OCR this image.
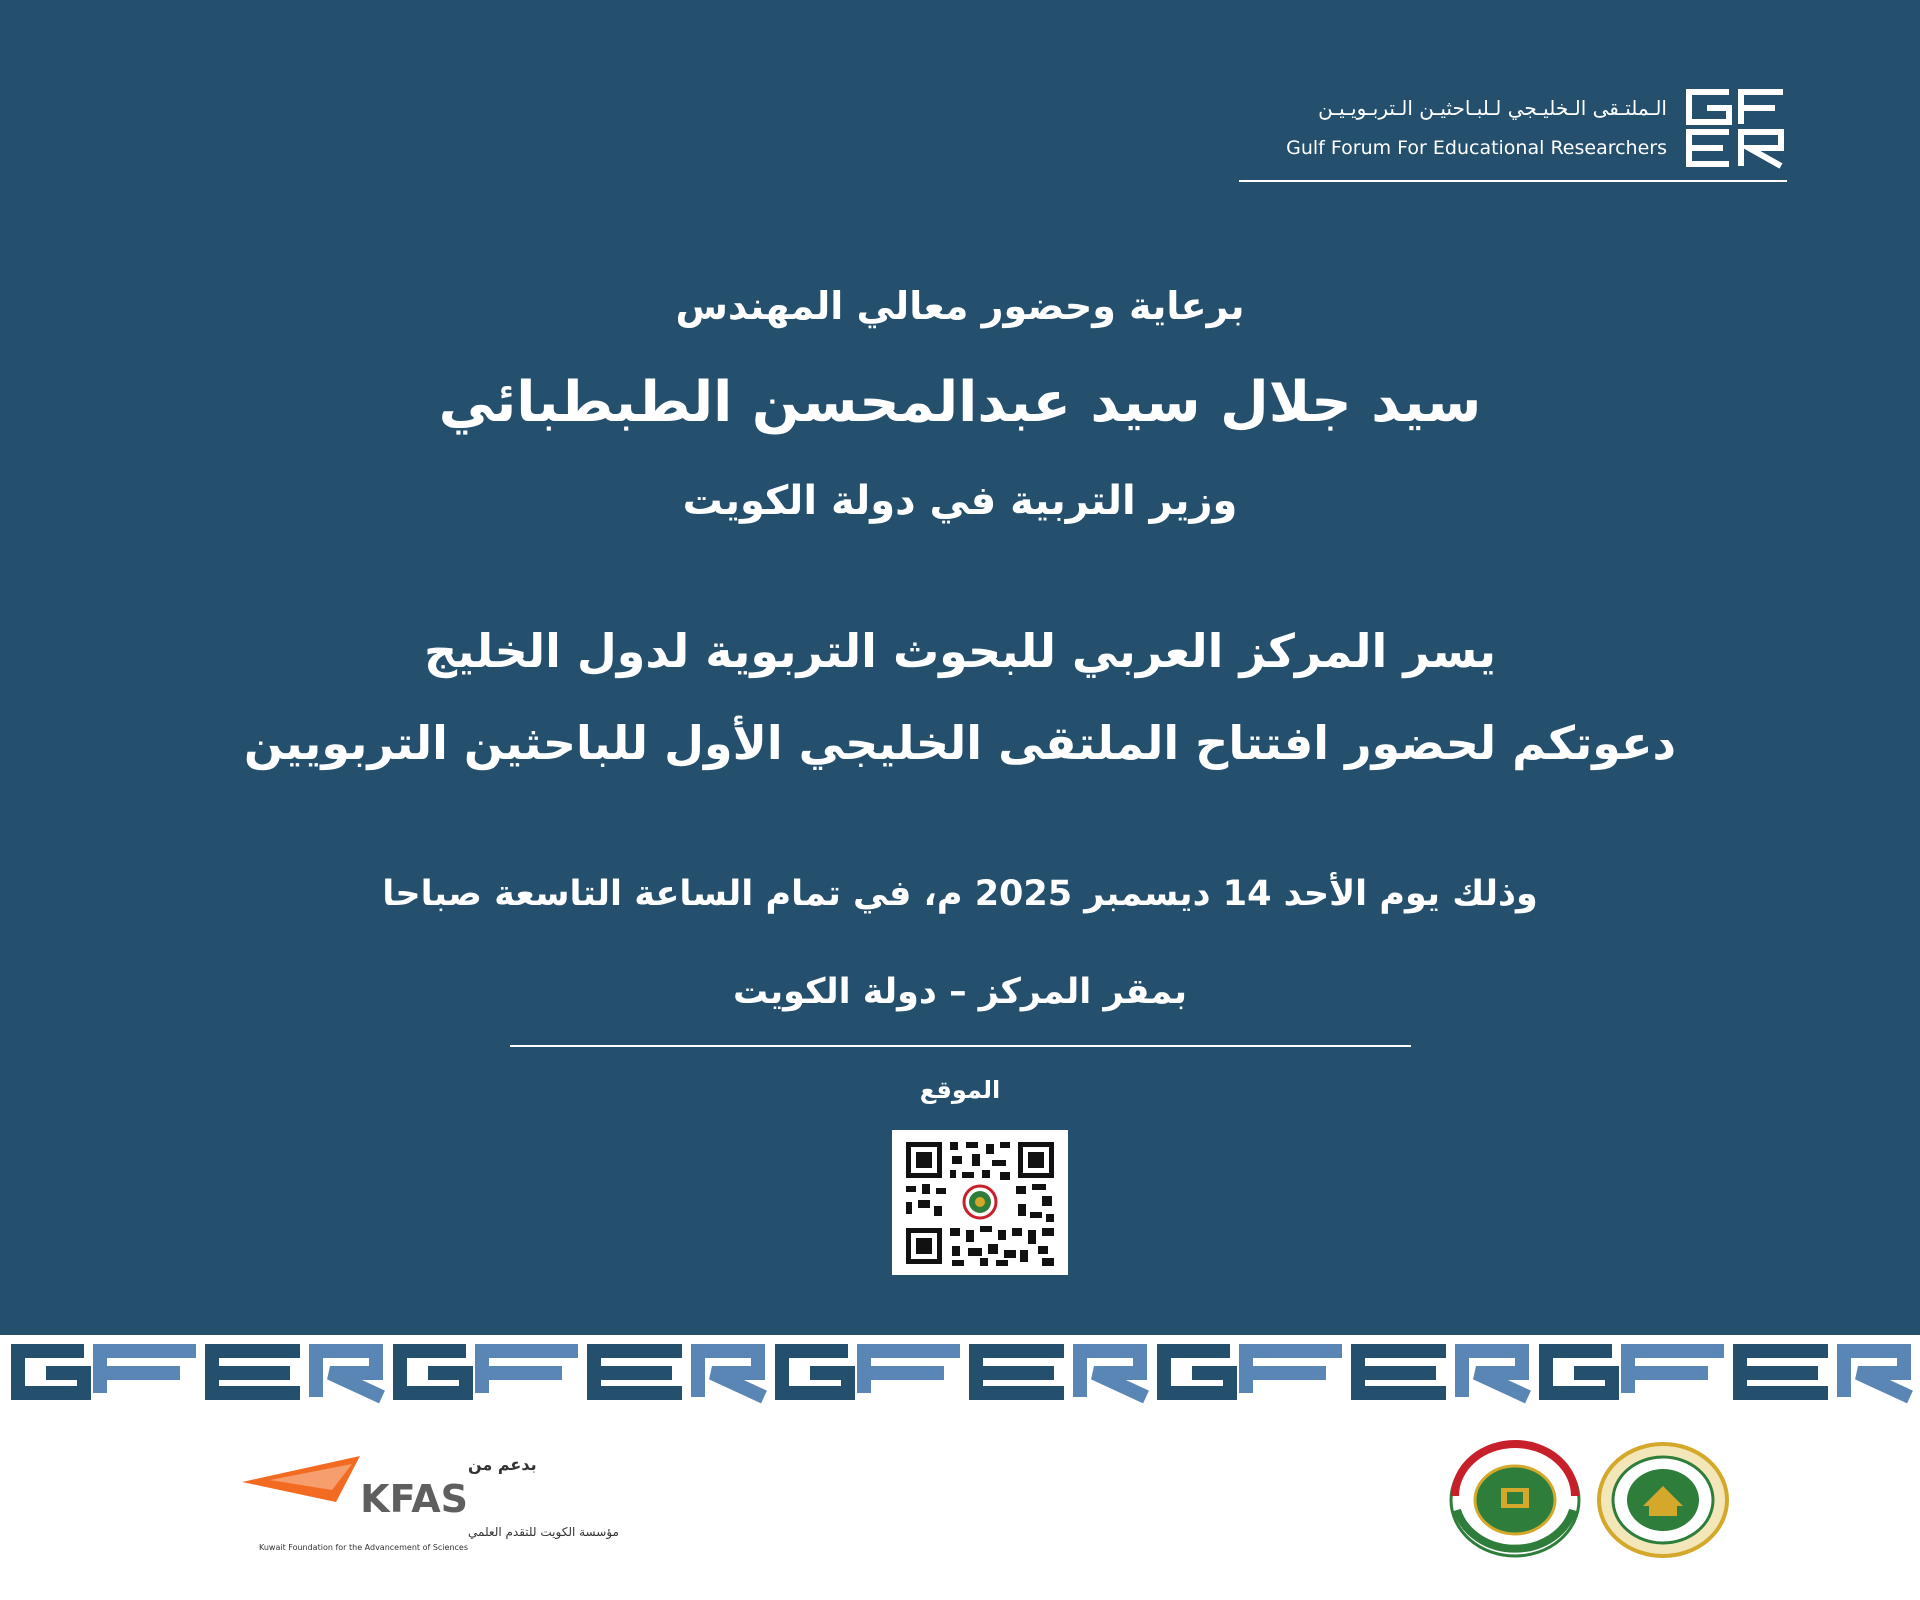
الـملتـقى الـخليـجي لـلبـاحثيـن الـتربـويـيـن
Gulf Forum For Educational Researchers
برعاية وحضور معالي المهندس
سيد جلال سيد عبدالمحسن الطبطبائي
وزير التربية في دولة الكويت
يسر المركز العربي للبحوث التربوية لدول الخليج
دعوتكم لحضور افتتاح الملتقى الخليجي الأول للباحثين التربويين
وذلك يوم الأحد 14 ديسمبر 2025 م، في تمام الساعة التاسعة صباحا
بمقر المركز – دولة الكويت
الموقع
بدعم من
KFAS
مؤسسة الكويت للتقدم العلمي
Kuwait Foundation for the Advancement of Sciences
